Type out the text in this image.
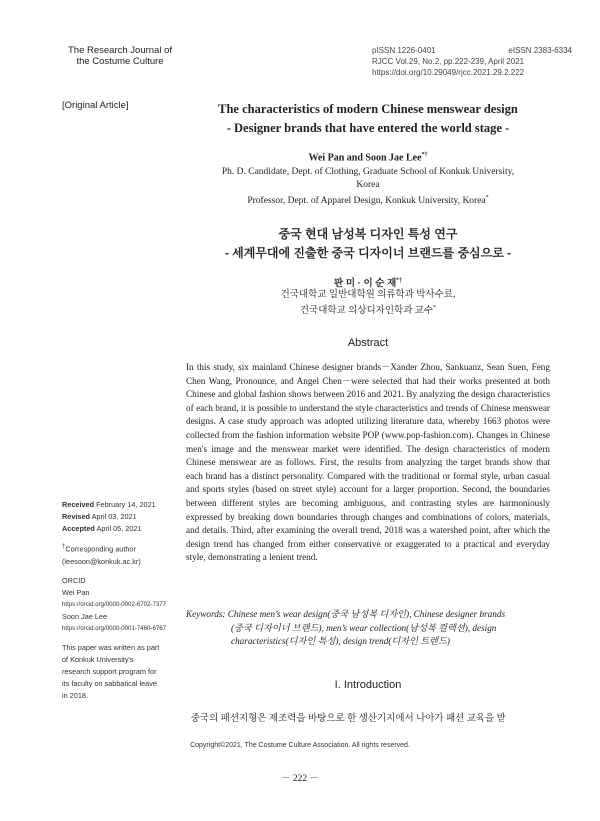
The Research Journal of
the Costume Culture
pISSN 1226-0401	eISSN 2383-6334
RJCC Vol.29, No.2, pp.222-239, April 2021
https://doi.org/10.29049/rjcc.2021.29.2.222
[Original Article]	The characteristics of modern Chinese menswear design
- Designer brands that have entered the world stage -
Wei Pan and Soon Jae Lee*†
Ph. D. Candidate, Dept. of Clothing, Graduate School of Konkuk University,
Korea
Professor, Dept. of Apparel Design, Konkuk University, Korea*
중국 현대 남성복 디자인 특성 연구
- 세계무대에 진출한 중국 디자이너 브랜드를 중심으로 -
판 미 · 이 순 재*†
건국대학교 일반대학원 의류학과 박사수료,
건국대학교 의상디자인학과 교수*
Abstract
In this study, six mainland Chinese designer brands－Xander Zhou, Sankuanz, Sean Suen, Feng Chen Wang, Pronounce, and Angel Chen－were selected that had their works presented at both Chinese and global fashion shows between 2016 and 2021. By analyzing the design characteristics of each brand, it is possible to understand the style characteristics and trends of Chinese menswear designs. A case study approach was adopted utilizing literature data, whereby 1663 photos were collected from the fashion information website POP (www.pop-fashion.com). Changes in Chinese men's image and the menswear market were identified. The design characteristics of modern Chinese menswear are as follows. First, the results from analyzing the target brands show that each brand has a distinct personality. Compared with the traditional or formal style, urban casual and sports styles (based on street style) account for a larger proportion. Second, the boundaries between different styles are becoming ambiguous, and contrasting styles are harmoniously expressed by breaking down boundaries through changes and combinations of colors, materials, and details. Third, after examining the overall trend, 2018 was a watershed point, after which the design trend has changed from either conservative or exaggerated to a practical and everyday style, demonstrating a lenient trend.
Keywords: Chinese men’s wear design(중국 남성복 디자인), Chinese designer brands
(중국 디자이너 브랜드), men’s wear collection(남성복 컬렉션), design
characteristics(디자인 특성), design trend(디자인 트렌드)
Received February 14, 2021
Revised April 03, 2021
Accepted April 05, 2021
†Corresponding author
(leesoon@konkuk.ac.kr)
ORCID
Wei Pan
https://orcid.org/0000-0002-6702-7377
Soon Jae Lee
https://orcid.org/0000-0001-7460-6767
This paper was written as part
of Konkuk University's
research support program for
its faculty on sabbatical leave
in 2018.
I. Introduction
중국의 패션지형은 제조력을 바탕으로 한 생산기지에서 나아가 패션 교육을 받
Copyright©2021, The Costume Culture Association. All rights reserved.
－ 222 －
